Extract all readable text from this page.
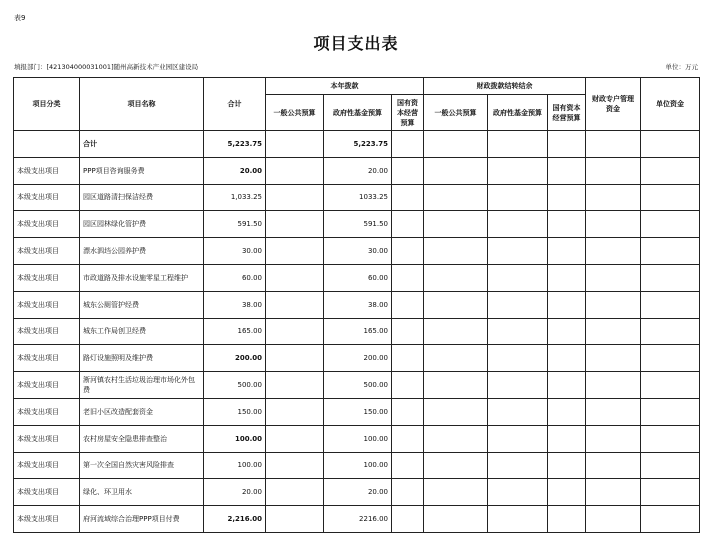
表9
项目支出表
填报部门：[421304000031001]随州高新技术产业园区建设局	单位：万元
项目分类	项目名称	合计	本年拨款			财政拨款结转结余			财政专户管理资金	单位资金
			一般公共预算	政府性基金预算	国有资本经营预算	一般公共预算	政府性基金预算	国有资本经营预算		
	合计	5,223.75		5,223.75						
本级支出项目	PPP项目咨询服务费	20.00		20.00						
本级支出项目	园区道路清扫保洁经费	1,033.25		1033.25						
本级支出项目	园区园林绿化管护费	591.50		591.50						
本级支出项目	漂水泗垱公园养护费	30.00		30.00						
本级支出项目	市政道路及排水设施零星工程维护	60.00		60.00						
本级支出项目	城东公厕管护经费	38.00		38.00						
本级支出项目	城东工作局创卫经费	165.00		165.00						
本级支出项目	路灯设施照明及维护费	200.00		200.00						
本级支出项目	淅河镇农村生活垃圾治理市场化外包费	500.00		500.00						
本级支出项目	老旧小区改造配套资金	150.00		150.00						
本级支出项目	农村房屋安全隐患排查整治	100.00		100.00						
本级支出项目	第一次全国自然灾害风险排查	100.00		100.00						
本级支出项目	绿化、环卫用水	20.00		20.00						
本级支出项目	府河流域综合治理PPP项目付费	2,216.00		2216.00						
